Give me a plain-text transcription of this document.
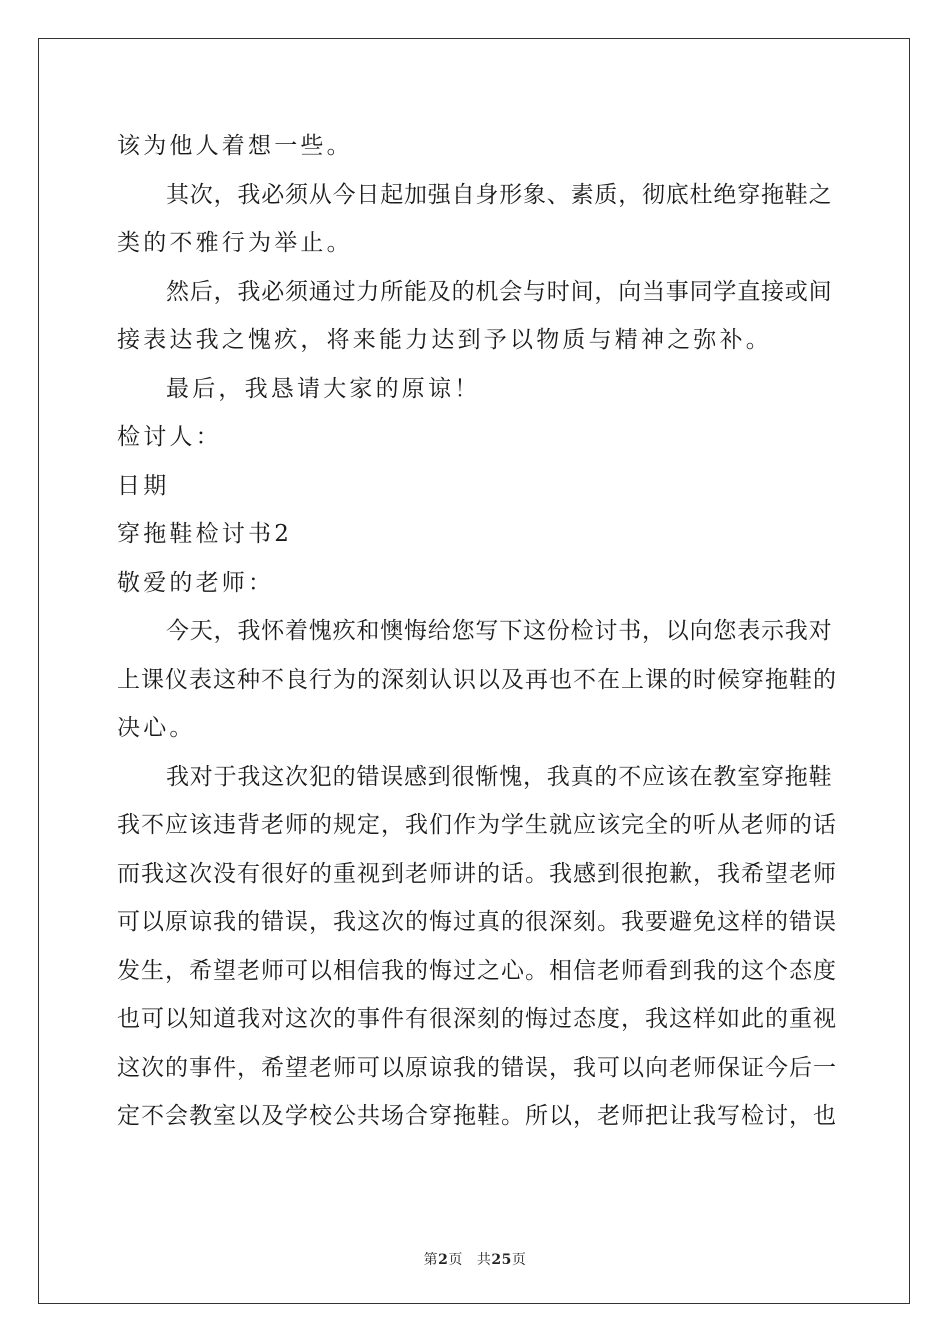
该为他人着想一些。
其次，我必须从今日起加强自身形象、素质，彻底杜绝穿拖鞋之
类的不雅行为举止。
然后，我必须通过力所能及的机会与时间，向当事同学直接或间
接表达我之愧疚，将来能力达到予以物质与精神之弥补。
最后，我恳请大家的原谅！
检讨人：
日期
穿拖鞋检讨书2
敬爱的老师：
今天，我怀着愧疚和懊悔给您写下这份检讨书，以向您表示我对
上课仪表这种不良行为的深刻认识以及再也不在上课的时候穿拖鞋的
决心。
我对于我这次犯的错误感到很惭愧，我真的不应该在教室穿拖鞋
我不应该违背老师的规定，我们作为学生就应该完全的听从老师的话
而我这次没有很好的重视到老师讲的话。我感到很抱歉，我希望老师
可以原谅我的错误，我这次的悔过真的很深刻。我要避免这样的错误
发生，希望老师可以相信我的悔过之心。相信老师看到我的这个态度
也可以知道我对这次的事件有很深刻的悔过态度，我这样如此的重视
这次的事件，希望老师可以原谅我的错误，我可以向老师保证今后一
定不会教室以及学校公共场合穿拖鞋。所以，老师把让我写检讨，也
第2页 共25页
